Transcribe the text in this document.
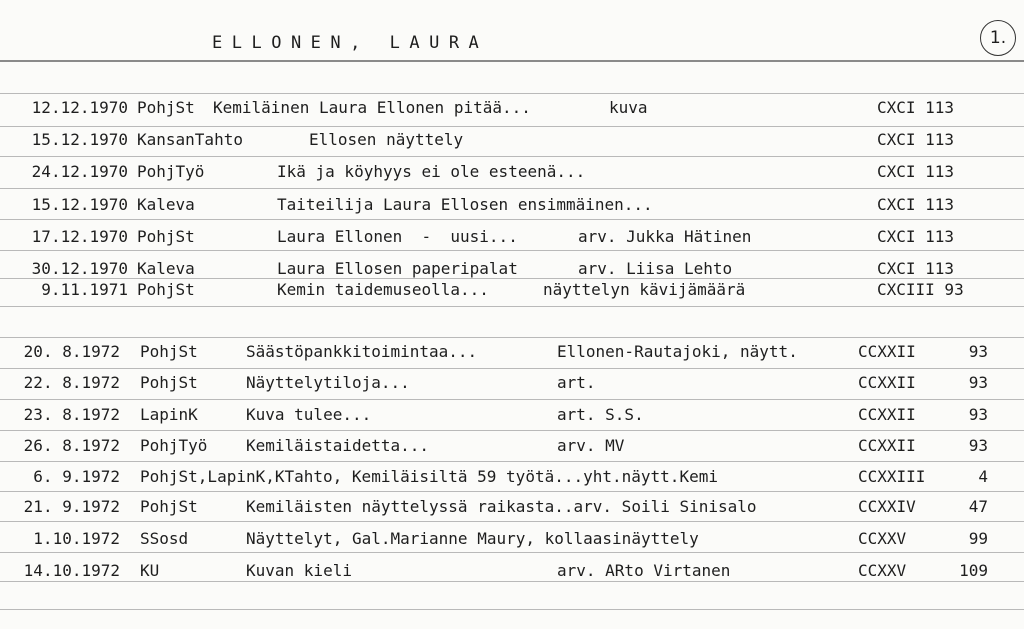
ELLONEN, LAURA	1.
12.12.1970 PohjSt Kemiläinen Laura Ellonen pitää...	kuva	CXCI 113
15.12.1970 KansanTahto	Ellosen näyttely	CXCI 113
24.12.1970 PohjTyö	Ikä ja köyhyys ei ole esteenä...	CXCI 113
15.12.1970 Kaleva	Taiteilija Laura Ellosen ensimmäinen...	CXCI 113
17.12.1970 PohjSt	Laura Ellonen  -  uusi...	arv. Jukka Hätinen	CXCI 113
30.12.1970 Kaleva	Laura Ellosen paperipalat	arv. Liisa Lehto	CXCI 113
9.11.1971 PohjSt	Kemin taidemuseolla...	näyttelyn kävijämäärä	CXCIII 93
20. 8.1972 PohjSt	Säästöpankkitoimintaa...	Ellonen-Rautajoki, näytt.	CCXXII	93
22. 8.1972 PohjSt	Näyttelytiloja...	art.	CCXXII	93
23. 8.1972 LapinK	Kuva tulee...	art. S.S.	CCXXII	93
26. 8.1972 PohjTyö Kemiläistaidetta...	arv. MV	CCXXII	93
6. 9.1972 PohjSt,LapinK,KTahto, Kemiläisiltä 59 työtä...yht.näytt.Kemi	CCXXIII	4
21. 9.1972 PohjSt	Kemiläisten näyttelyssä raikasta..arv. Soili Sinisalo	CCXXIV	47
1.10.1972 SSosd	Näyttelyt, Gal.Marianne Maury, kollaasinäyttely	CCXXV	99
14.10.1972 KU	Kuvan kieli	arv. ARto Virtanen	CCXXV	109
